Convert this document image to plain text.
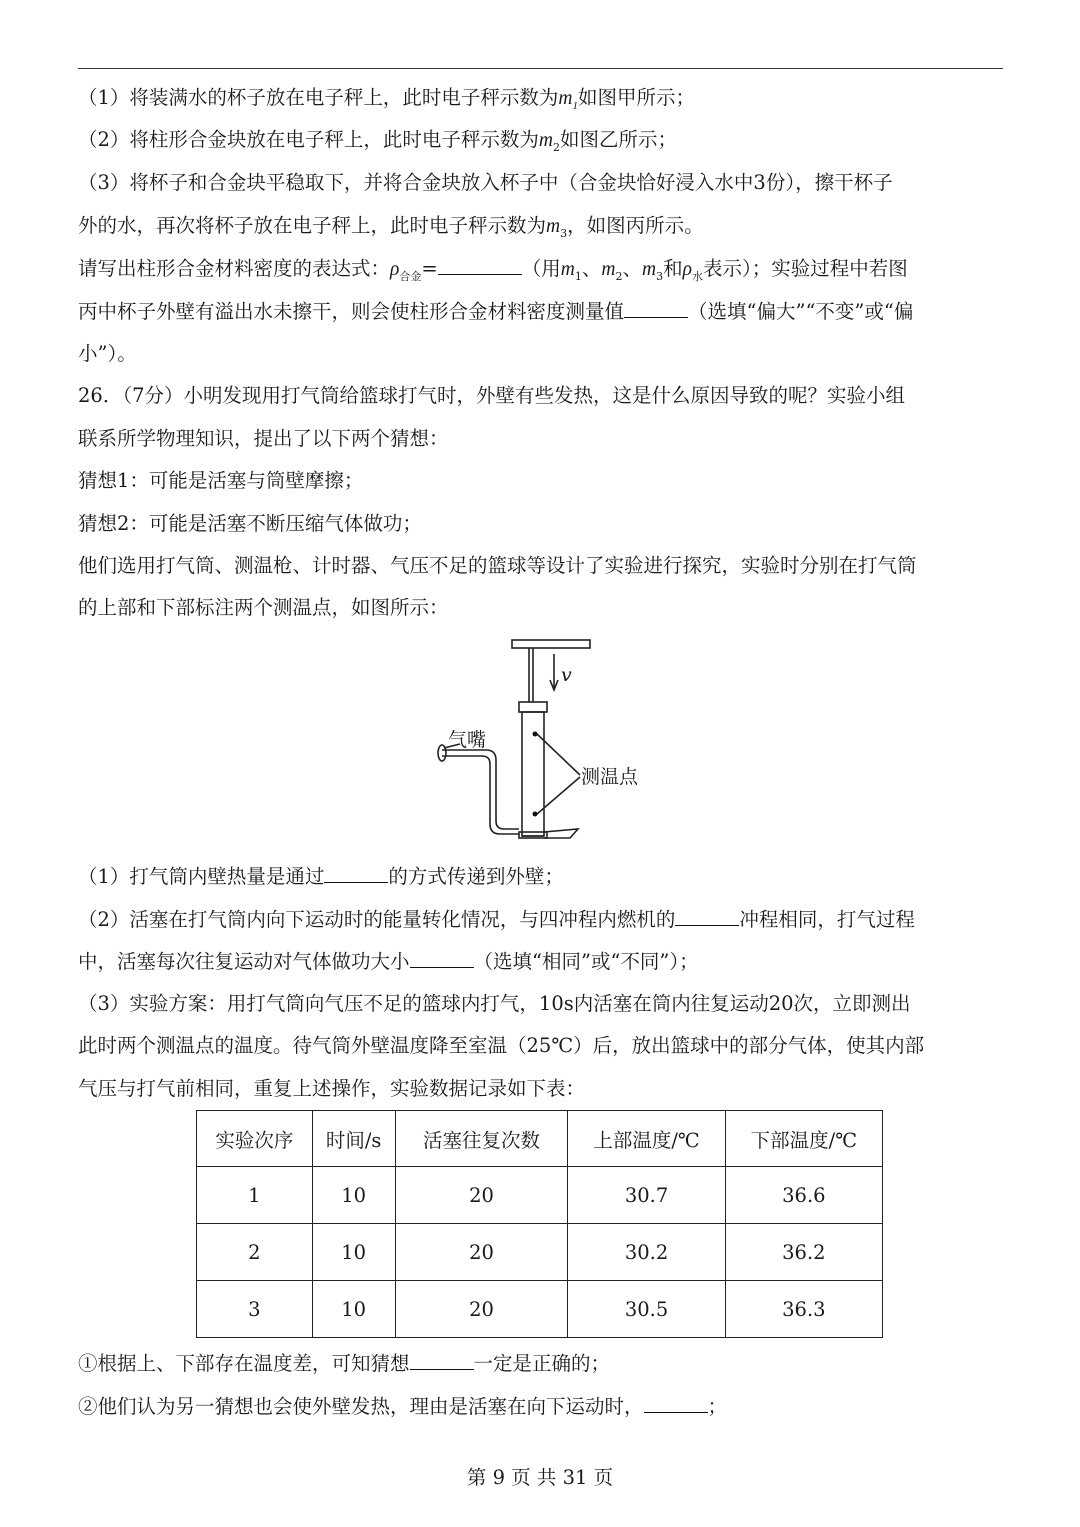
（1）将装满水的杯子放在电子秤上，此时电子秤示数为$m_1$如图甲所示；
（2）将柱形合金块放在电子秤上，此时电子秤示数为$m_2$如图乙所示；
（3）将杯子和合金块平稳取下，并将合金块放入杯子中（合金块恰好浸入水中3份），擦干杯子
外的水，再次将杯子放在电子秤上，此时电子秤示数为$m_3$，如图丙所示。
请写出柱形合金材料密度的表达式：$\rho_{合金}=$	（用$m_1$、$m_2$、$m_3$和$\rho_水$表示）；实验过程中若图
丙中杯子外壁有溢出水未擦干，则会使柱形合金材料密度测量值	（选填“偏大”“不变”或“偏
小”）。
26．（7分）小明发现用打气筒给篮球打气时，外壁有些发热，这是什么原因导致的呢？实验小组
联系所学物理知识，提出了以下两个猜想：
猜想1：可能是活塞与筒壁摩擦；
猜想2：可能是活塞不断压缩气体做功；
他们选用打气筒、测温枪、计时器、气压不足的篮球等设计了实验进行探究，实验时分别在打气筒
的上部和下部标注两个测温点，如图所示：
v
气嘴
测温点
（1）打气筒内壁热量是通过	的方式传递到外壁；
（2）活塞在打气筒内向下运动时的能量转化情况，与四冲程内燃机的	冲程相同，打气过程
中，活塞每次往复运动对气体做功大小	（选填“相同”或“不同”）；
（3）实验方案：用打气筒向气压不足的篮球内打气，10s内活塞在筒内往复运动20次，立即测出
此时两个测温点的温度。待气筒外壁温度降至室温（25℃）后，放出篮球中的部分气体，使其内部
气压与打气前相同，重复上述操作，实验数据记录如下表：
实验次序	时间/s	活塞往复次数	上部温度/℃	下部温度/℃
1	10	20	30.7	36.6
2	10	20	30.2	36.2
3	10	20	30.5	36.3
①根据上、下部存在温度差，可知猜想	一定是正确的；
②他们认为另一猜想也会使外壁发热，理由是活塞在向下运动时，	；
第 9 页 共 31 页
